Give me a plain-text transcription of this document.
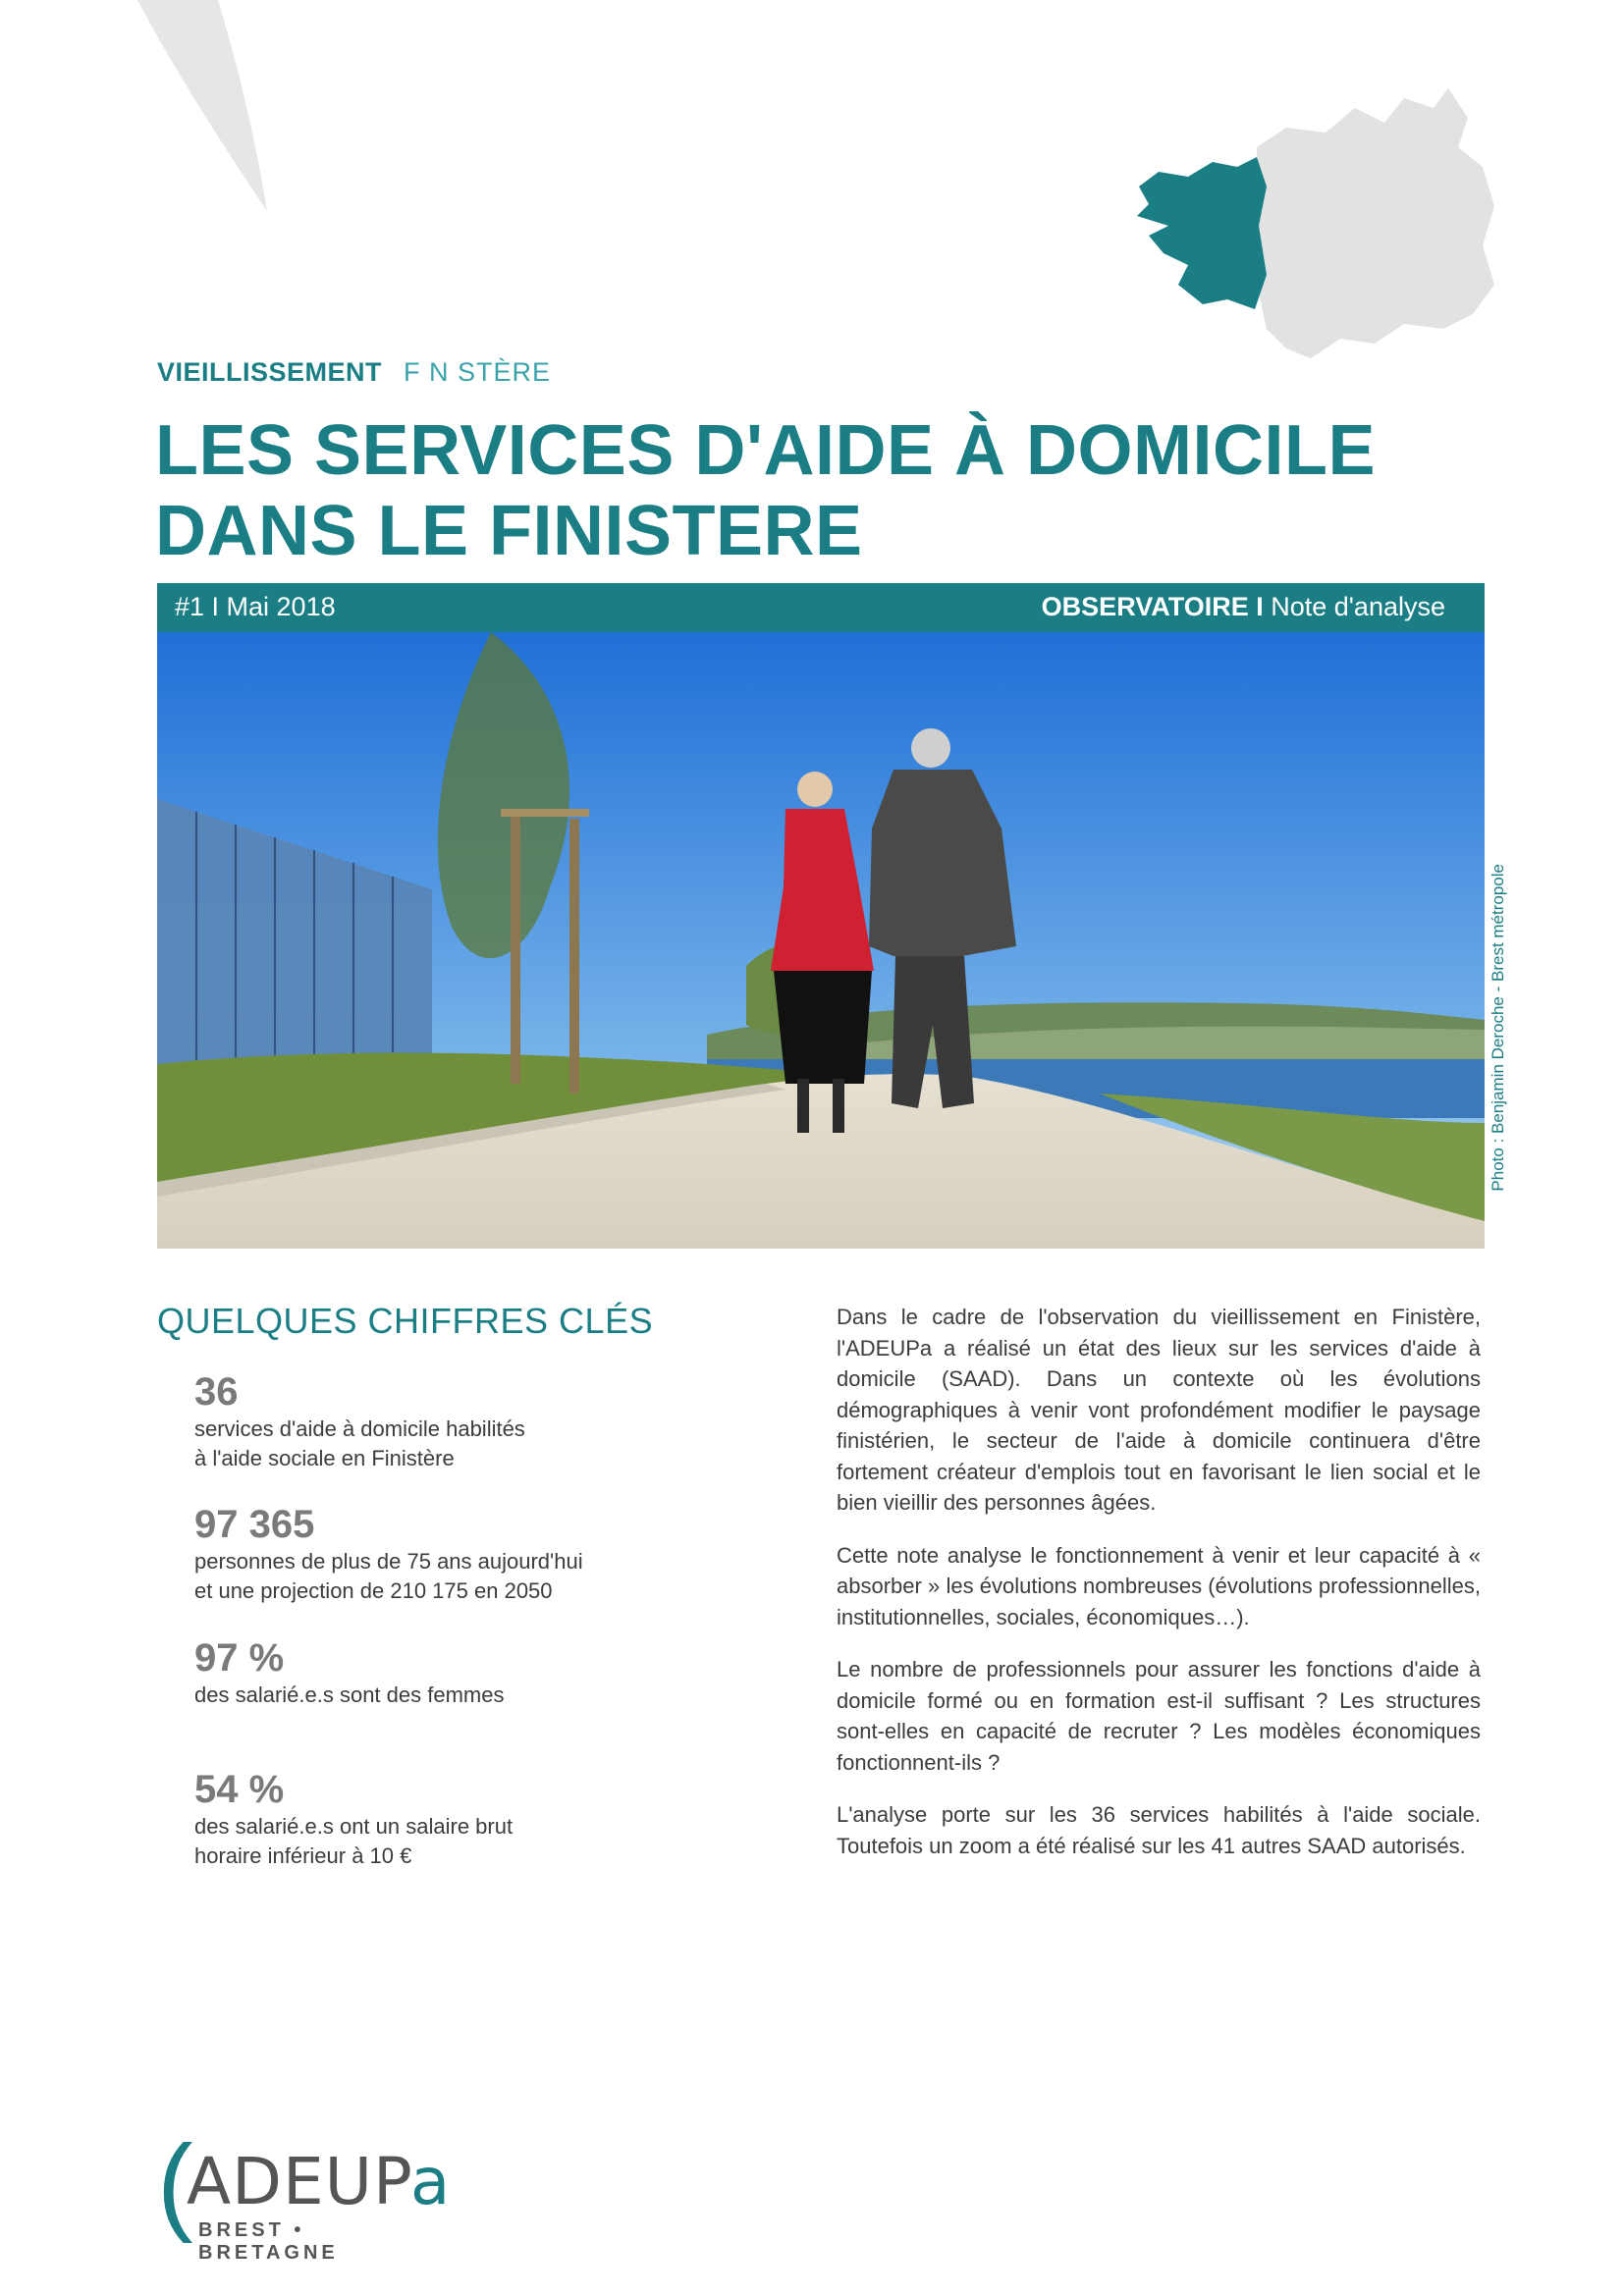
VIEILLISSEMENT F N STÈRE
LES SERVICES D'AIDE À DOMICILE
DANS LE FINISTERE
#1 I Mai 2018	OBSERVATOIRE I Note d'analyse
Photo : Benjamin Deroche - Brest métropole
QUELQUES CHIFFRES CLÉS
36
services d'aide à domicile habilités
à l'aide sociale en Finistère
97 365
personnes de plus de 75 ans aujourd'hui
et une projection de 210 175 en 2050
97 %
des salarié.e.s sont des femmes
54 %
des salarié.e.s ont un salaire brut
horaire inférieur à 10 €

Dans le cadre de l'observation du vieillissement en Finistère, l'ADEUPa a réalisé un état des lieux sur les services d'aide à domicile (SAAD). Dans un contexte où les évolutions démographiques à venir vont profondément modifier le paysage finistérien, le secteur de l'aide à domicile continuera d'être fortement créateur d'emplois tout en favorisant le lien social et le bien vieillir des personnes âgées.

Cette note analyse le fonctionnement à venir et leur capacité à « absorber » les évolutions nombreuses (évolutions professionnelles, institutionnelles, sociales, économiques…).

Le nombre de professionnels pour assurer les fonctions d'aide à domicile formé ou en formation est-il suffisant ? Les structures sont-elles en capacité de recruter ? Les modèles économiques fonctionnent-ils ?

L'analyse porte sur les 36 services habilités à l'aide sociale. Toutefois un zoom a été réalisé sur les 41 autres SAAD autorisés.

(
ADEUPa
BREST • BRETAGNE
